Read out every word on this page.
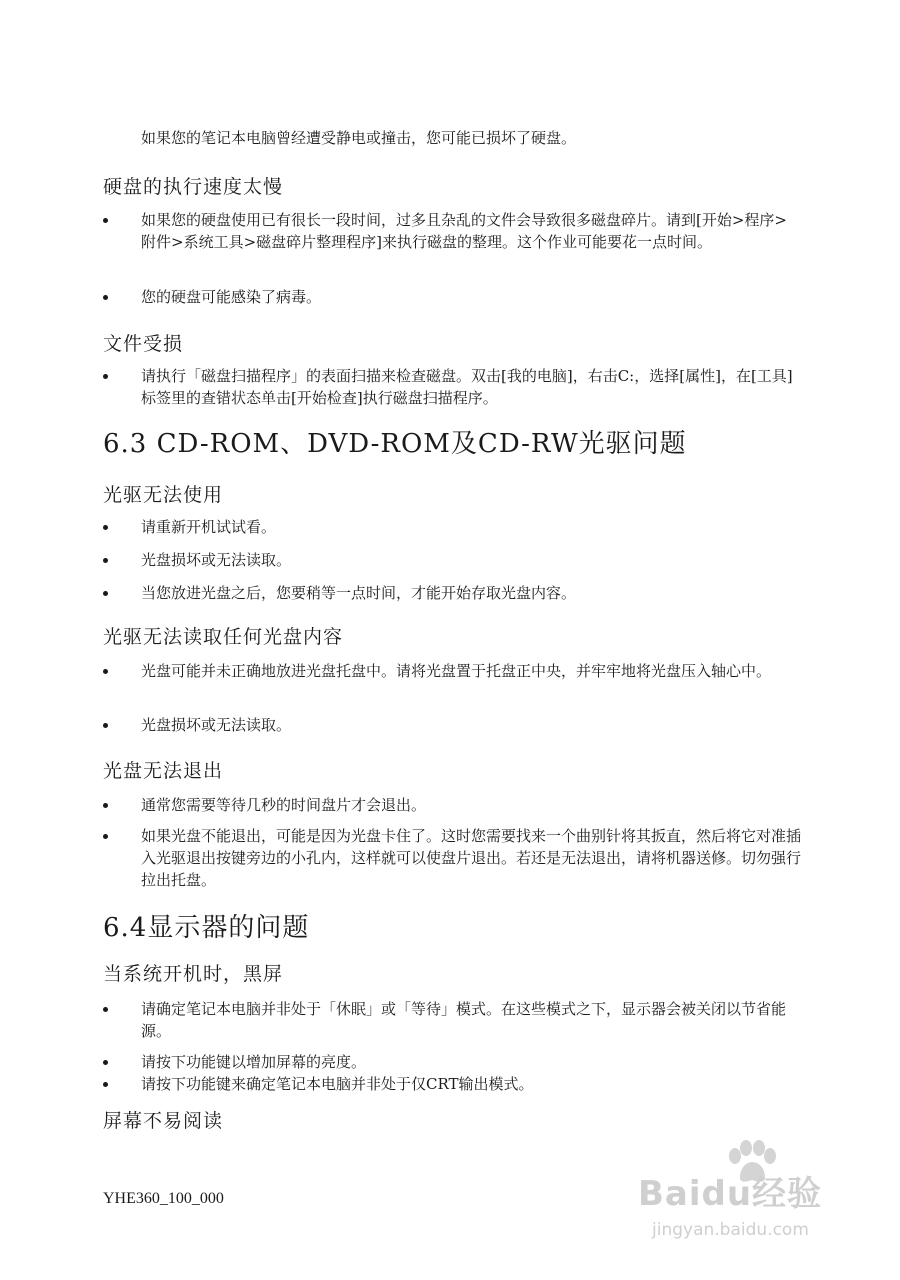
如果您的笔记本电脑曾经遭受静电或撞击，您可能已损坏了硬盘。
硬盘的执行速度太慢
如果您的硬盘使用已有很长一段时间，过多且杂乱的文件会导致很多磁盘碎片。请到[开始>程序>附件>系统工具>磁盘碎片整理程序]来执行磁盘的整理。这个作业可能要花一点时间。
您的硬盘可能感染了病毒。
文件受损
请执行「磁盘扫描程序」的表面扫描来检查磁盘。双击[我的电脑]，右击C:，选择[属性]，在[工具]标签里的查错状态单击[开始检查]执行磁盘扫描程序。
6.3 CD-ROM、DVD-ROM及CD-RW光驱问题
光驱无法使用
请重新开机试试看。
光盘损坏或无法读取。
当您放进光盘之后，您要稍等一点时间，才能开始存取光盘内容。
光驱无法读取任何光盘内容
光盘可能并未正确地放进光盘托盘中。请将光盘置于托盘正中央，并牢牢地将光盘压入轴心中。
光盘损坏或无法读取。
光盘无法退出
通常您需要等待几秒的时间盘片才会退出。
如果光盘不能退出，可能是因为光盘卡住了。这时您需要找来一个曲别针将其扳直，然后将它对准插入光驱退出按键旁边的小孔内，这样就可以使盘片退出。若还是无法退出，请将机器送修。切勿强行拉出托盘。
6.4显示器的问题
当系统开机时，黑屏
请确定笔记本电脑并非处于「休眠」或「等待」模式。在这些模式之下，显示器会被关闭以节省能源。
请按下功能键以增加屏幕的亮度。
请按下功能键来确定笔记本电脑并非处于仅CRT输出模式。
屏幕不易阅读
YHE360_100_000	Baidu经验
jingyan.baidu.com
